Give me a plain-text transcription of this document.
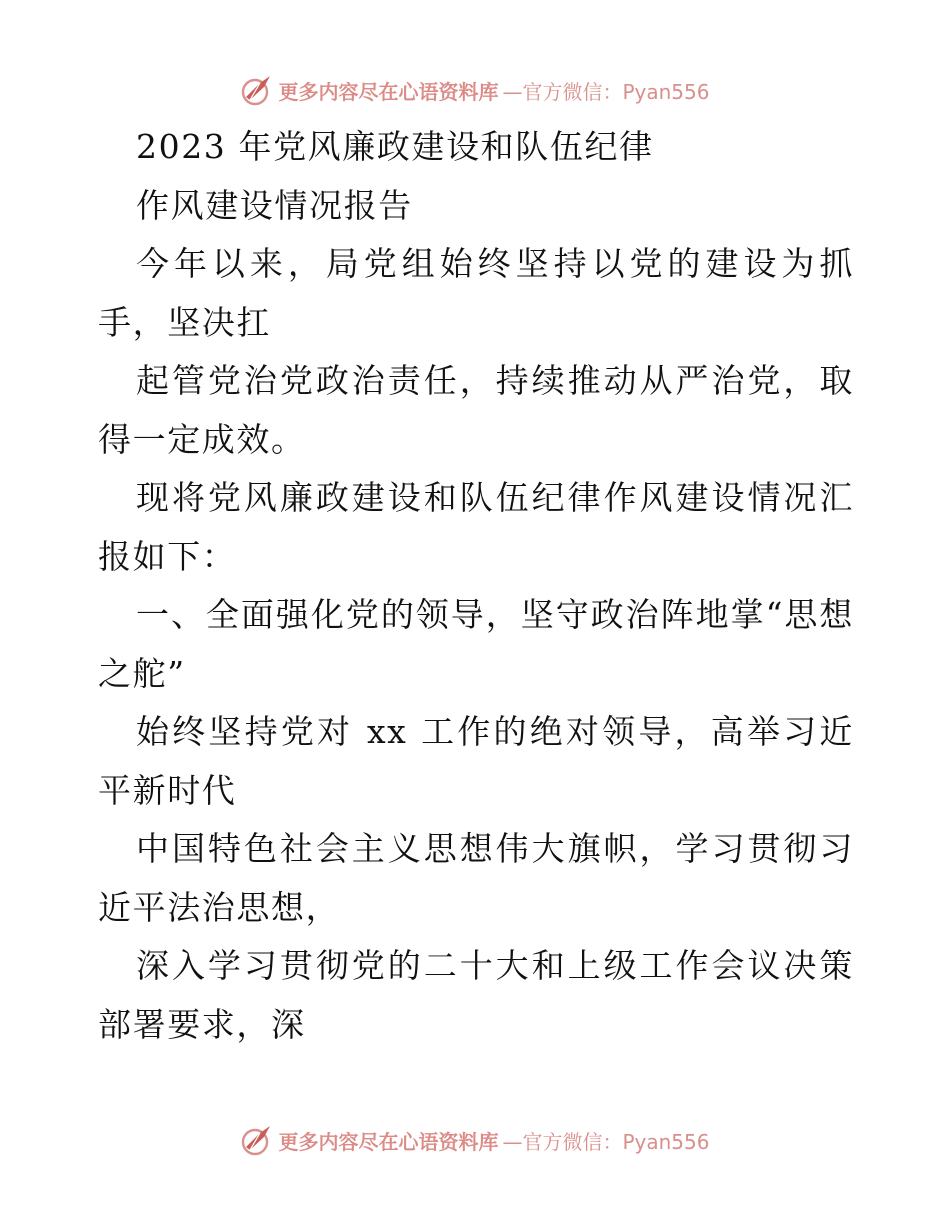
更多内容尽在心语资料库 —官方微信：Pyan556

2023 年党风廉政建设和队伍纪律

作风建设情况报告

今年以来，局党组始终坚持以党的建设为抓手，坚决扛

起管党治党政治责任，持续推动从严治党，取得一定成效。

现将党风廉政建设和队伍纪律作风建设情况汇报如下：

一、全面强化党的领导，坚守政治阵地掌“思想之舵”

始终坚持党对 xx 工作的绝对领导，高举习近平新时代

中国特色社会主义思想伟大旗帜，学习贯彻习近平法治思想，

深入学习贯彻党的二十大和上级工作会议决策部署要求，深

更多内容尽在心语资料库 —官方微信：Pyan556
